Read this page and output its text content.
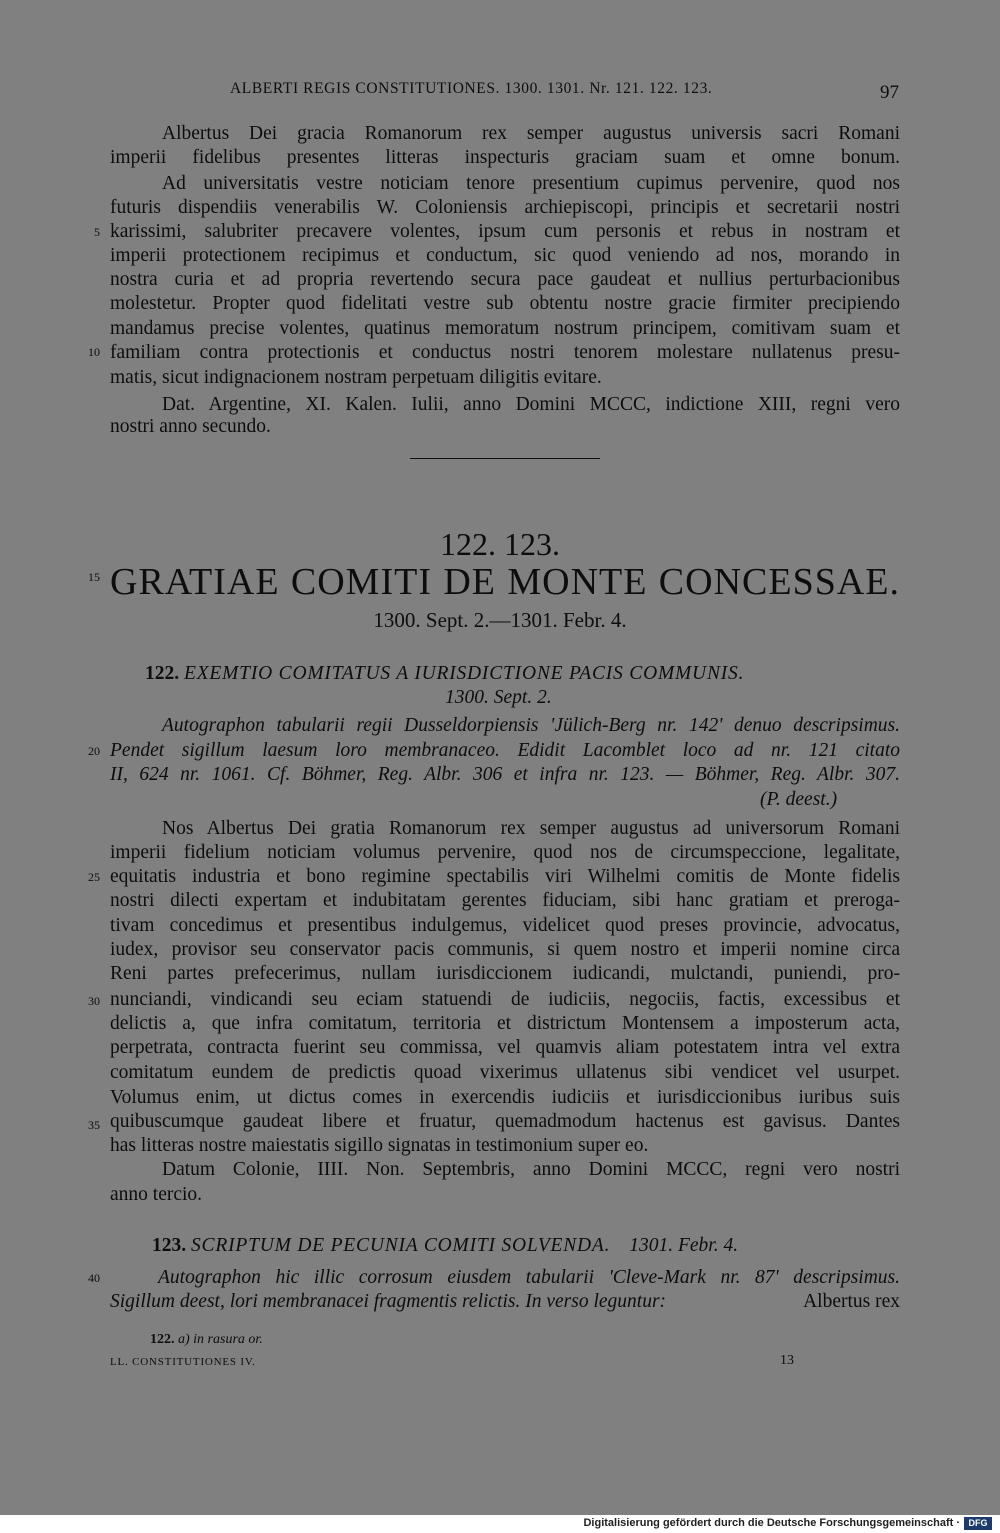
ALBERTI REGIS CONSTITUTIONES. 1300. 1301. Nr. 121. 122. 123.	97
Albertus Dei gracia Romanorum rex semper augustus universis sacri Romani
imperii fidelibus presentes litteras inspecturis graciam suam et omne bonum.
Ad universitatis vestre noticiam tenore presentium cupimus pervenire, quod nos
futuris dispendiis venerabilis W. Coloniensis archiepiscopi, principis et secretarii nostri
karissimi, salubriter precavere volentes, ipsum cum personis et rebus in nostram et
imperii protectionem recipimus et conductum, sic quod veniendo ad nos, morando in
nostra curia et ad propria revertendo secura pace gaudeat et nullius perturbacionibus
molestetur. Propter quod fidelitati vestre sub obtentu nostre gracie firmiter precipiendo
mandamus precise volentes, quatinus memoratum nostrum principem, comitivam suam et
familiam contra protectionis et conductus nostri tenorem molestare nullatenus presu-
matis, sicut indignacionem nostram perpetuam diligitis evitare.
Dat. Argentine, XI. Kalen. Iulii, anno Domini MCCC, indictione XIII, regni vero
nostri anno secundo.
5
10
15
20
25
30
35
40
122. 123.
GRATIAE COMITI DE MONTE CONCESSAE.
1300. Sept. 2.—1301. Febr. 4.
122. EXEMTIO COMITATUS A IURISDICTIONE PACIS COMMUNIS.
1300. Sept. 2.
Autographon tabularii regii Dusseldorpiensis 'Jülich-Berg nr. 142' denuo descripsimus.
Pendet sigillum laesum loro membranaceo. Edidit Lacomblet loco ad nr. 121 citato
II, 624 nr. 1061. Cf. Böhmer, Reg. Albr. 306 et infra nr. 123. — Böhmer, Reg. Albr. 307.
(P. deest.)
Nos Albertus Dei gratia Romanorum rex semper augustus ad universorum Romani
imperii fidelium noticiam volumus pervenire, quod nos de circumspeccione, legalitate,
equitatis industria et bono regimine spectabilis viri Wilhelmi comitis de Monte fidelis
nostri dilecti expertam et indubitatam gerentes fiduciam, sibi hanc gratiam et preroga-
tivam concedimus et presentibus indulgemus, videlicet quod preses provincie, advocatus,
iudex, provisor seu conservator pacis communis, si quem nostro et imperii nomine circa
Reni partes prefecerimus, nullam iurisdiccionem iudicandi, mulctandi, puniendi, pro-
nunciandi, vindicandi seu eciam statuendi de iudiciis, negociis, factis, excessibus et
delictis a, que infra comitatum, territoria et districtum Montensem a imposterum acta,
perpetrata, contracta fuerint seu commissa, vel quamvis aliam potestatem intra vel extra
comitatum eundem de predictis quoad vixerimus ullatenus sibi vendicet vel usurpet.
Volumus enim, ut dictus comes in exercendis iudiciis et iurisdiccionibus iuribus suis
quibuscumque gaudeat libere et fruatur, quemadmodum hactenus est gavisus. Dantes
has litteras nostre maiestatis sigillo signatas in testimonium super eo.
Datum Colonie, IIII. Non. Septembris, anno Domini MCCC, regni vero nostri
anno tercio.
123. SCRIPTUM DE PECUNIA COMITI SOLVENDA. 1301. Febr. 4.
Autographon hic illic corrosum eiusdem tabularii 'Cleve-Mark nr. 87' descripsimus.
Sigillum deest, lori membranacei fragmentis relictis. In verso leguntur:	Albertus rex
122. a) in rasura or.
LL. CONSTITUTIONES IV.	13
Digitalisierung gefördert durch die Deutsche Forschungsgemeinschaft · DFG
